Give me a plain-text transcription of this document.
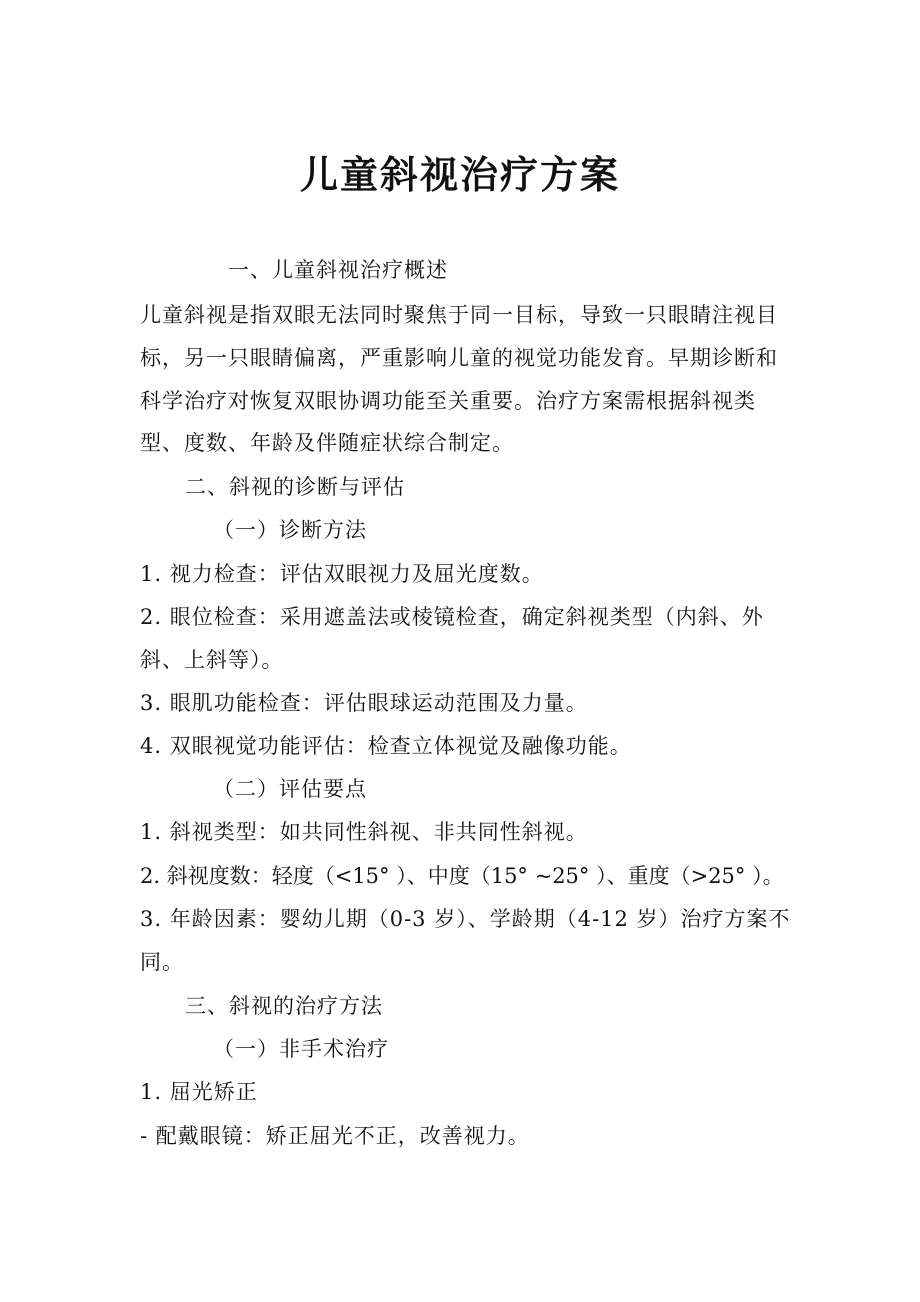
儿童斜视治疗方案
一、儿童斜视治疗概述
儿童斜视是指双眼无法同时聚焦于同一目标，导致一只眼睛注视目
标，另一只眼睛偏离，严重影响儿童的视觉功能发育。早期诊断和
科学治疗对恢复双眼协调功能至关重要。治疗方案需根据斜视类
型、度数、年龄及伴随症状综合制定。
二、斜视的诊断与评估
（一）诊断方法
1. 视力检查：评估双眼视力及屈光度数。
2. 眼位检查：采用遮盖法或棱镜检查，确定斜视类型（内斜、外
斜、上斜等）。
3. 眼肌功能检查：评估眼球运动范围及力量。
4. 双眼视觉功能评估：检查立体视觉及融像功能。
（二）评估要点
1. 斜视类型：如共同性斜视、非共同性斜视。
2. 斜视度数：轻度（<15° ）、中度（15° ~25° ）、重度（>25° ）。
3. 年龄因素：婴幼儿期（0-3 岁）、学龄期（4-12 岁）治疗方案不
同。
三、斜视的治疗方法
（一）非手术治疗
1. 屈光矫正
- 配戴眼镜：矫正屈光不正，改善视力。
